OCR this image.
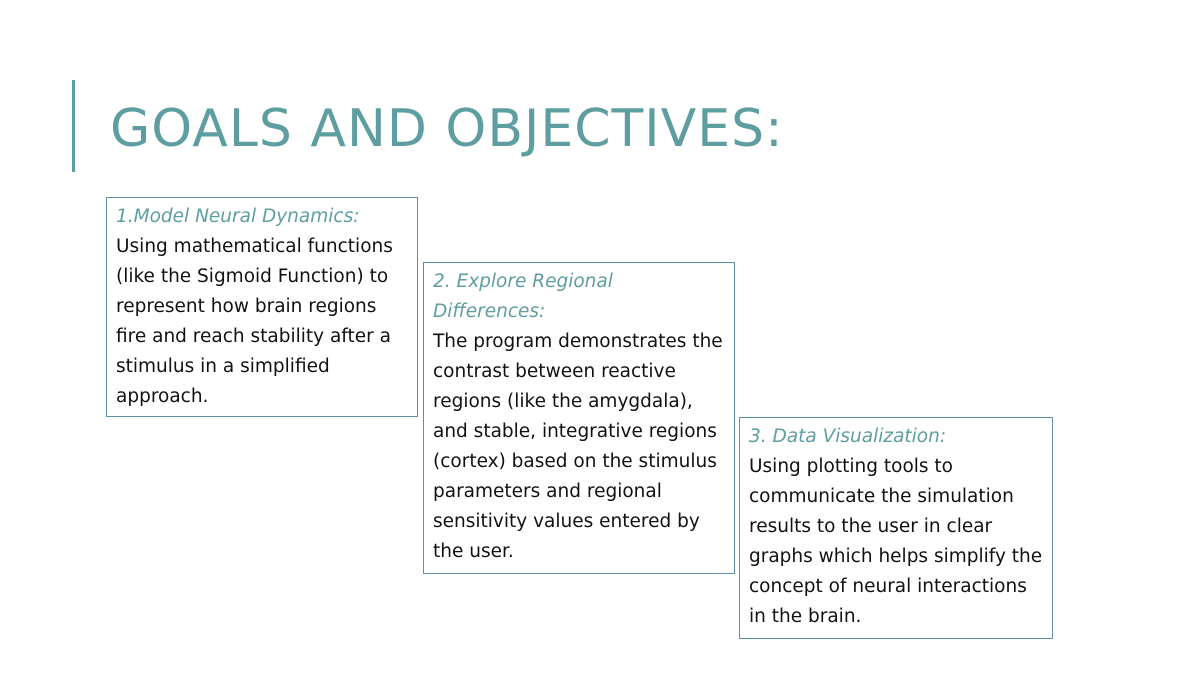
GOALS AND OBJECTIVES:
1.Model Neural Dynamics:
Using mathematical functions (like the Sigmoid Function) to represent how brain regions fire and reach stability after a stimulus in a simplified approach.
2. Explore Regional Differences:
The program demonstrates the contrast between reactive regions (like the amygdala), and stable, integrative regions (cortex) based on the stimulus parameters and regional sensitivity values entered by the user.
3. Data Visualization:
Using plotting tools to communicate the simulation results to the user in clear graphs which helps simplify the concept of neural interactions in the brain.
